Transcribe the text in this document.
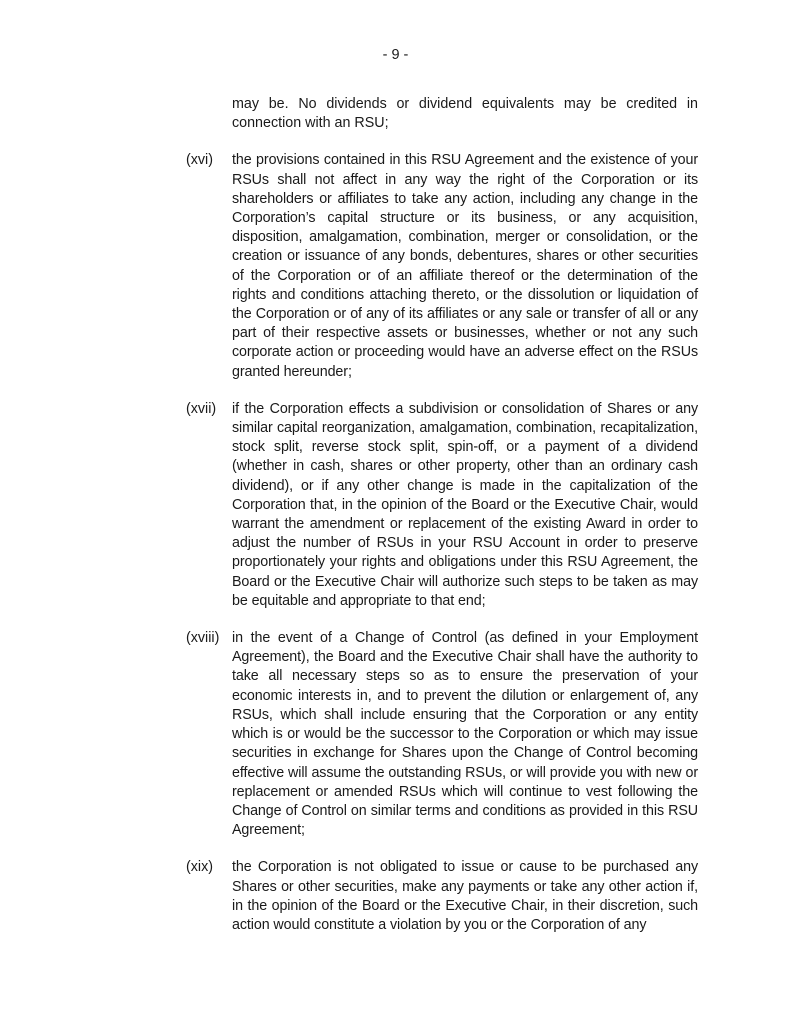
- 9 -
may be. No dividends or dividend equivalents may be credited in connection with an RSU;
(xvi)	the provisions contained in this RSU Agreement and the existence of your RSUs shall not affect in any way the right of the Corporation or its shareholders or affiliates to take any action, including any change in the Corporation’s capital structure or its business, or any acquisition, disposition, amalgamation, combination, merger or consolidation, or the creation or issuance of any bonds, debentures, shares or other securities of the Corporation or of an affiliate thereof or the determination of the rights and conditions attaching thereto, or the dissolution or liquidation of the Corporation or of any of its affiliates or any sale or transfer of all or any part of their respective assets or businesses, whether or not any such corporate action or proceeding would have an adverse effect on the RSUs granted hereunder;
(xvii)	if the Corporation effects a subdivision or consolidation of Shares or any similar capital reorganization, amalgamation, combination, recapitalization, stock split, reverse stock split, spin-off, or a payment of a dividend (whether in cash, shares or other property, other than an ordinary cash dividend), or if any other change is made in the capitalization of the Corporation that, in the opinion of the Board or the Executive Chair, would warrant the amendment or replacement of the existing Award in order to adjust the number of RSUs in your RSU Account in order to preserve proportionately your rights and obligations under this RSU Agreement, the Board or the Executive Chair will authorize such steps to be taken as may be equitable and appropriate to that end;
(xviii) in the event of a Change of Control (as defined in your Employment Agreement), the Board and the Executive Chair shall have the authority to take all necessary steps so as to ensure the preservation of your economic interests in, and to prevent the dilution or enlargement of, any RSUs, which shall include ensuring that the Corporation or any entity which is or would be the successor to the Corporation or which may issue securities in exchange for Shares upon the Change of Control becoming effective will assume the outstanding RSUs, or will provide you with new or replacement or amended RSUs which will continue to vest following the Change of Control on similar terms and conditions as provided in this RSU Agreement;
(xix)	the Corporation is not obligated to issue or cause to be purchased any Shares or other securities, make any payments or take any other action if, in the opinion of the Board or the Executive Chair, in their discretion, such action would constitute a violation by you or the Corporation of any
